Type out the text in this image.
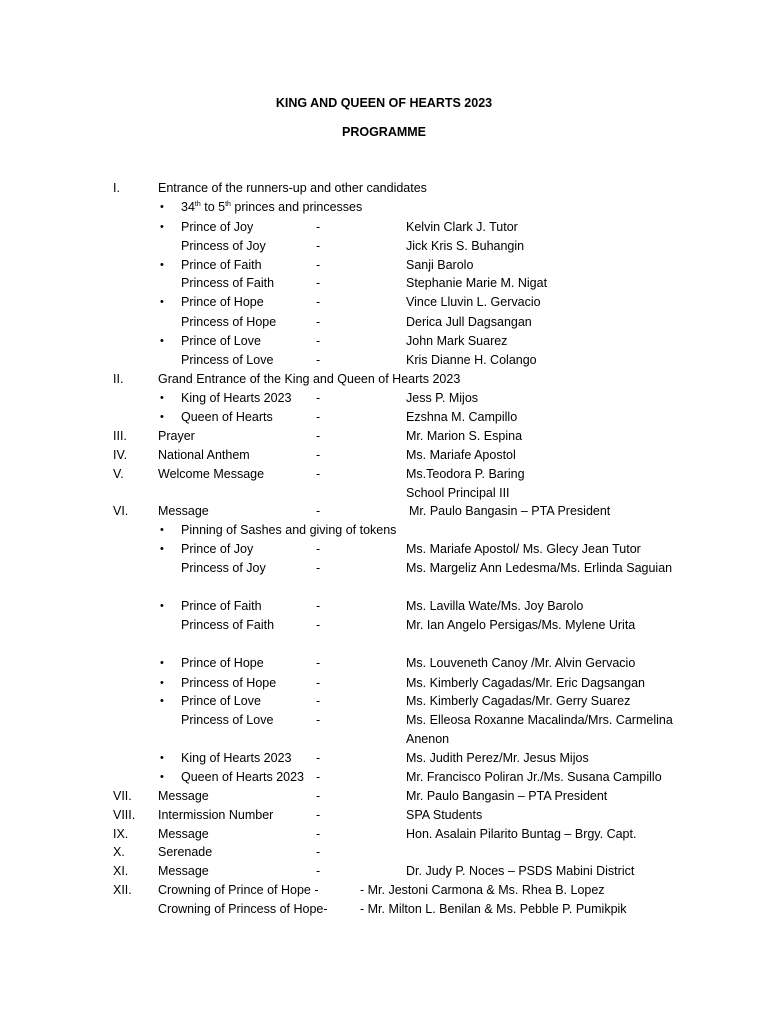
KING AND QUEEN OF HEARTS 2023
PROGRAMME
I.	Entrance of the runners-up and other candidates
• 34th to 5th princes and princesses
• Prince of Joy	-	Kelvin Clark J. Tutor
Princess of Joy	-	Jick Kris S. Buhangin
• Prince of Faith	-	Sanji Barolo
Princess of Faith	-	Stephanie Marie M. Nigat
• Prince of Hope	-	Vince Lluvin L. Gervacio
Princess of Hope	-	Derica Jull Dagsangan
• Prince of Love	-	John Mark Suarez
Princess of Love	-	Kris Dianne H. Colango
II.	Grand Entrance of the King and Queen of Hearts 2023
• King of Hearts 2023 -	Jess P. Mijos
• Queen of Hearts	-	Ezshna M. Campillo
III. Prayer	-	Mr. Marion S. Espina
IV. National Anthem	-	Ms. Mariafe Apostol
V.	Welcome Message	-	Ms.Teodora P. Baring
School Principal III
VI. Message	-	Mr. Paulo Bangasin – PTA President
• Pinning of Sashes and giving of tokens
• Prince of Joy	-	Ms. Mariafe Apostol/ Ms. Glecy Jean Tutor
Princess of Joy	-	Ms. Margeliz Ann Ledesma/Ms. Erlinda Saguian
• Prince of Faith	-	Ms. Lavilla Wate/Ms. Joy Barolo
Princess of Faith	-	Mr. Ian Angelo Persigas/Ms. Mylene Urita
• Prince of Hope	-	Ms. Louveneth Canoy /Mr. Alvin Gervacio
• Princess of Hope	-	Ms. Kimberly Cagadas/Mr. Eric Dagsangan
• Prince of Love	-	Ms. Kimberly Cagadas/Mr. Gerry Suarez
Princess of Love	-	Ms. Elleosa Roxanne Macalinda/Mrs. Carmelina
Anenon
• King of Hearts 2023 -	Ms. Judith Perez/Mr. Jesus Mijos
• Queen of Hearts 2023 -	Mr. Francisco Poliran Jr./Ms. Susana Campillo
VII. Message	-	Mr. Paulo Bangasin – PTA President
VIII. Intermission Number	-	SPA Students
IX. Message	-	Hon. Asalain Pilarito Buntag – Brgy. Capt.
X.	Serenade	-
XI. Message	-	Dr. Judy P. Noces – PSDS Mabini District
XII. Crowning of Prince of Hope -	- Mr. Jestoni Carmona & Ms. Rhea B. Lopez
Crowning of Princess of Hope-	- Mr. Milton L. Benilan & Ms. Pebble P. Pumikpik
